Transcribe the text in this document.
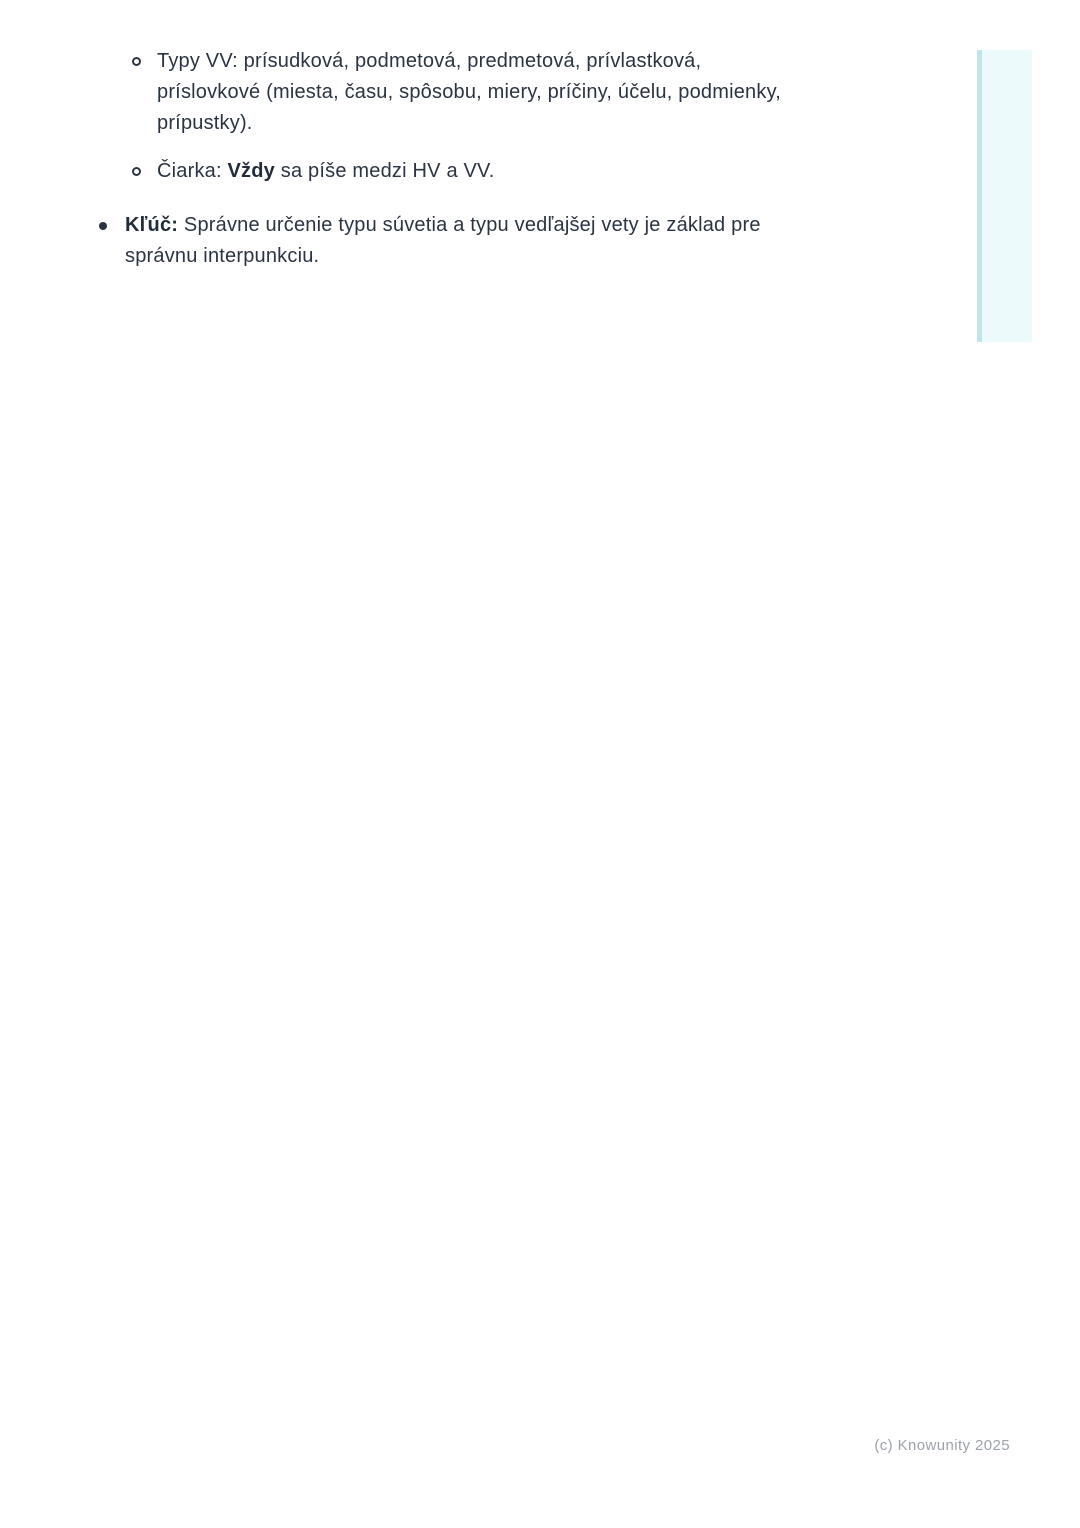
Typy VV: prísudková, podmetová, predmetová, prívlastková, príslovkové (miesta, času, spôsobu, miery, príčiny, účelu, podmienky, prípustky).
Čiarka: Vždy sa píše medzi HV a VV.
Kľúč: Správne určenie typu súvetia a typu vedľajšej vety je základ pre správnu interpunkciu.
(c) Knowunity 2025
